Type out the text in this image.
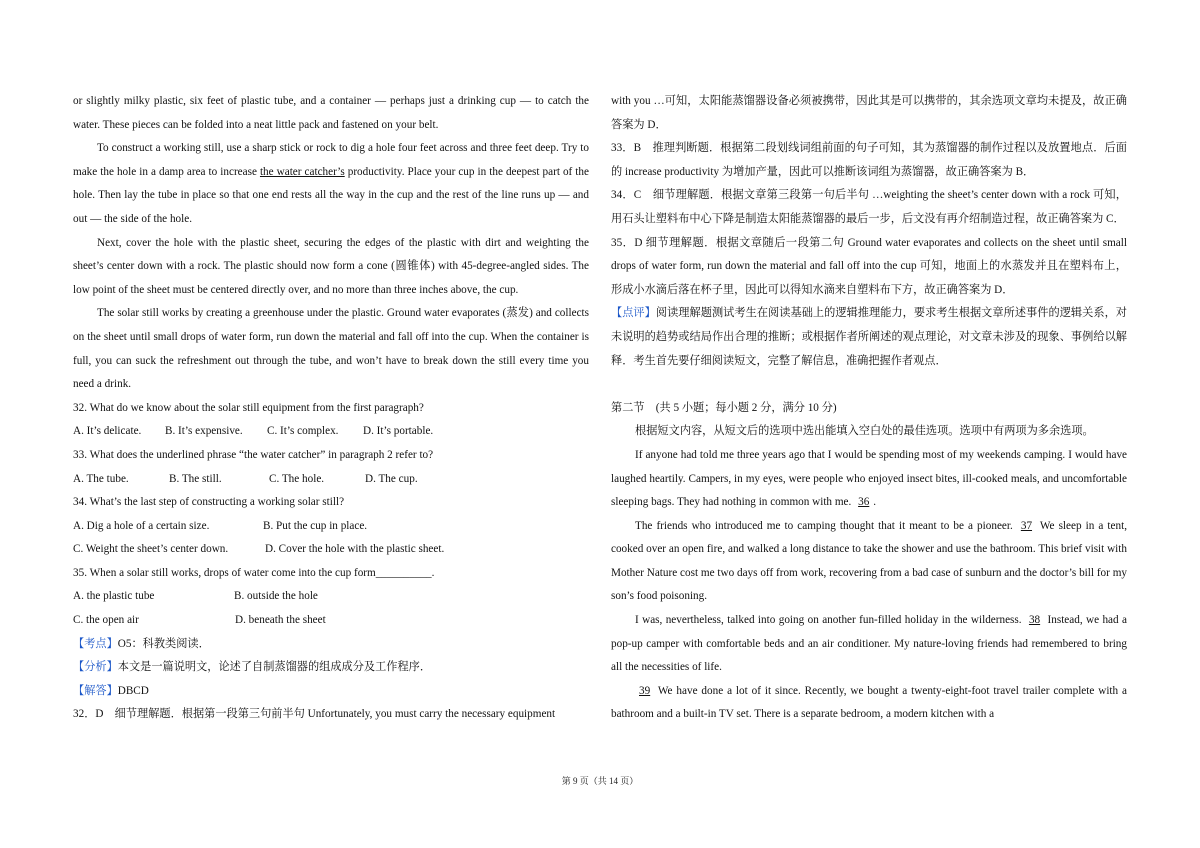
or slightly milky plastic, six feet of plastic tube, and a container — perhaps just a drinking cup — to catch the water. These pieces can be folded into a neat little pack and fastened on your belt.

To construct a working still, use a sharp stick or rock to dig a hole four feet across and three feet deep. Try to make the hole in a damp area to increase the water catcher’s productivity. Place your cup in the deepest part of the hole. Then lay the tube in place so that one end rests all the way in the cup and the rest of the line runs up — and out — the side of the hole.

Next, cover the hole with the plastic sheet, securing the edges of the plastic with dirt and weighting the sheet’s center down with a rock. The plastic should now form a cone (圆锥体) with 45-degree-angled sides. The low point of the sheet must be centered directly over, and no more than three inches above, the cup.

The solar still works by creating a greenhouse under the plastic. Ground water evaporates (蒸发) and collects on the sheet until small drops of water form, run down the material and fall off into the cup. When the container is full, you can suck the refreshment out through the tube, and won’t have to break down the still every time you need a drink.

32. What do we know about the solar still equipment from the first paragraph?

A. It’s delicate.	B. It’s expensive.	C. It’s complex.	D. It’s portable.

33. What does the underlined phrase “the water catcher” in paragraph 2 refer to?

A. The tube.	B. The still.	C. The hole.	D. The cup.

34. What’s the last step of constructing a working solar still?

A. Dig a hole of a certain size.	B. Put the cup in place.

C. Weight the sheet’s center down.	D. Cover the hole with the plastic sheet.

35. When a solar still works, drops of water come into the cup form__________.

A. the plastic tube	B. outside the hole

C. the open air	D. beneath the sheet

【考点】O5：科教类阅读．

【分析】本文是一篇说明文，论述了自制蒸馏器的组成成分及工作程序．

【解答】DBCD

32．D　细节理解题．根据第一段第三句前半句 Unfortunately, you must carry the necessary equipment

with you …可知，太阳能蒸馏器设备必须被携带，因此其是可以携带的，其余选项文章均未提及，故正确答案为 D．

33．B　推理判断题．根据第二段划线词组前面的句子可知，其为蒸馏器的制作过程以及放置地点．后面的 increase productivity 为增加产量，因此可以推断该词组为蒸馏器，故正确答案为 B．

34．C　细节理解题．根据文章第三段第一句后半句 …weighting the sheet’s center down with a rock 可知，用石头让塑料布中心下降是制造太阳能蒸馏器的最后一步，后文没有再介绍制造过程，故正确答案为 C．

35．D 细节理解题．根据文章随后一段第二句 Ground water evaporates and collects on the sheet until small drops of water form, run down the material and fall off into the cup 可知，地面上的水蒸发并且在塑料布上，形成小水滴后落在杯子里，因此可以得知水滴来自塑料布下方，故正确答案为 D．

【点评】阅读理解题测试考生在阅读基础上的逻辑推理能力，要求考生根据文章所述事件的逻辑关系，对未说明的趋势或结局作出合理的推断；或根据作者所阐述的观点理论，对文章未涉及的现象、事例给以解释．考生首先要仔细阅读短文，完整了解信息，准确把握作者观点．

第二节　(共 5 小题；每小题 2 分，满分 10 分)

根据短文内容，从短文后的选项中选出能填入空白处的最佳选项。选项中有两项为多余选项。

If anyone had told me three years ago that I would be spending most of my weekends camping. I would have laughed heartily. Campers, in my eyes, were people who enjoyed insect bites, ill-cooked meals, and uncomfortable sleeping bags. They had nothing in common with me. 36 .

The friends who introduced me to camping thought that it meant to be a pioneer. 37 We sleep in a tent, cooked over an open fire, and walked a long distance to take the shower and use the bathroom. This brief visit with Mother Nature cost me two days off from work, recovering from a bad case of sunburn and the doctor’s bill for my son’s food poisoning.

I was, nevertheless, talked into going on another fun-filled holiday in the wilderness. 38 Instead, we had a pop-up camper with comfortable beds and an air conditioner. My nature-loving friends had remembered to bring all the necessities of life.

39 We have done a lot of it since. Recently, we bought a twenty-eight-foot travel trailer complete with a bathroom and a built-in TV set. There is a separate bedroom, a modern kitchen with a

第 9 页（共 14 页）
